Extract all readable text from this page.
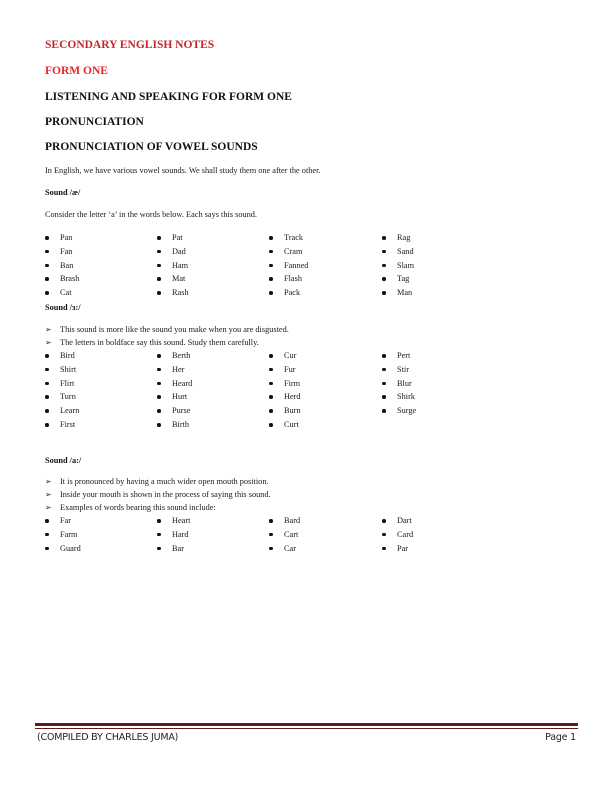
SECONDARY ENGLISH NOTES
FORM ONE
LISTENING AND SPEAKING FOR FORM ONE
PRONUNCIATION
PRONUNCIATION OF VOWEL SOUNDS
In English, we have various vowel sounds. We shall study them one after the other.
Sound /æ/
Consider the letter ‘a’ in the words below. Each says this sound.
Pan	Pat	Track	Rag
Fan	Dad	Cram	Sand
Ban	Ham	Fanned	Slam
Brash	Mat	Flash	Tag
Cat	Rash	Pack	Man
Sound /ɜ:/
➢ This sound is more like the sound you make when you are disgusted.
➢ The letters in boldface say this sound. Study them carefully.
Bird	Berth	Cur	Pert
Shirt	Her	Fur	Stir
Flirt	Heard	Firm	Blur
Turn	Hurt	Herd	Shirk
Learn	Purse	Burn	Surge
First	Birth	Curt
Sound /a:/
➢ It is pronounced by having a much wider open mouth position.
➢ Inside your mouth is shown in the process of saying this sound.
➢ Examples of words bearing this sound include:
Far	Heart	Bard	Dart
Farm	Hard	Cart	Card
Guard	Bar	Car	Par
(COMPILED BY CHARLES JUMA)	Page 1
